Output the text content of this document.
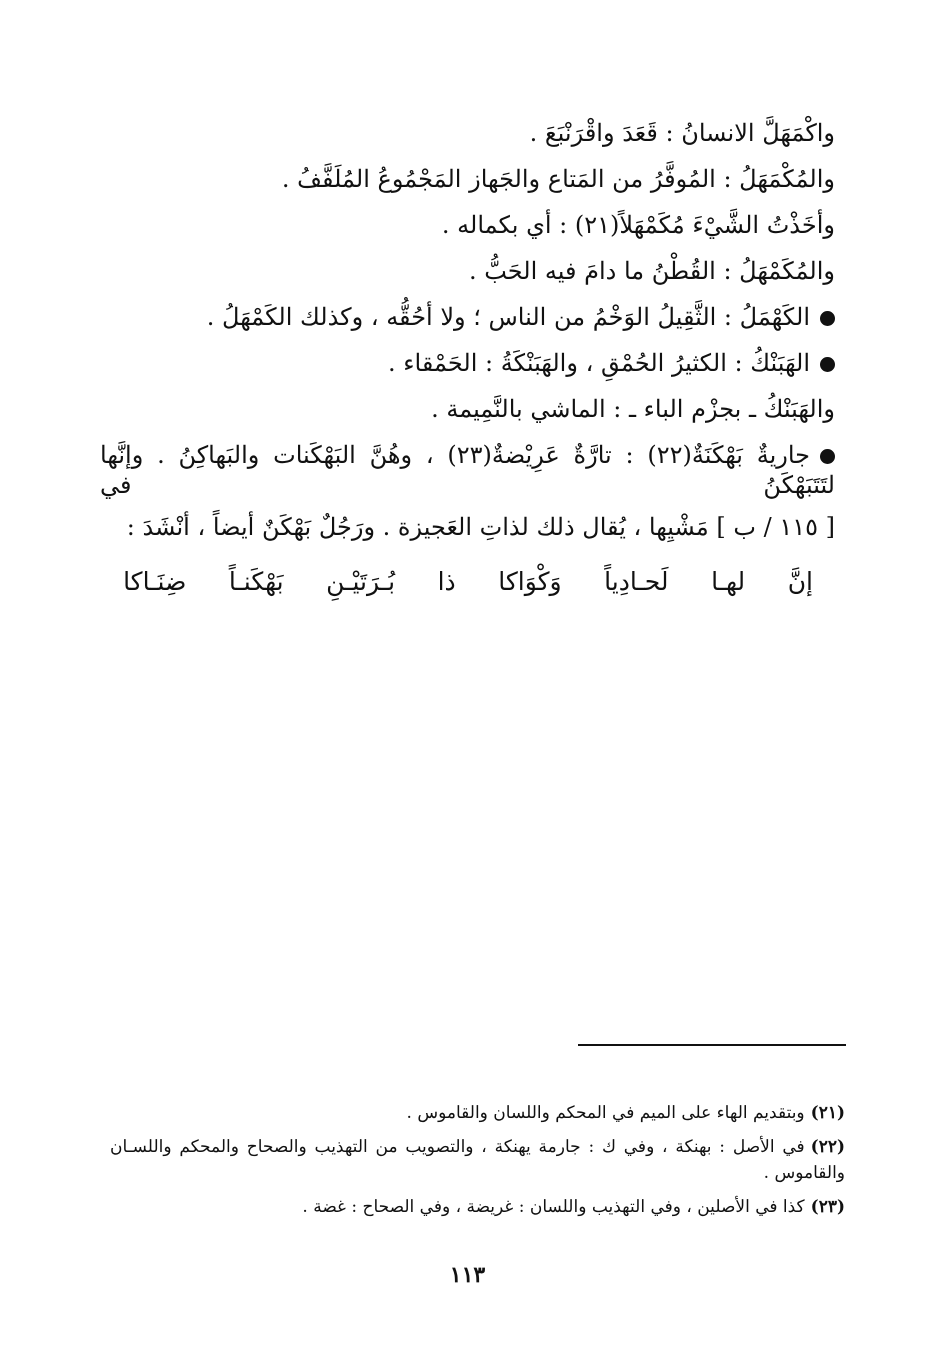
واكْمَهَلَّ الانسانُ : قَعَدَ واقْرَنْبَعَ .

والمُكْمَهَلُ : المُوفَّرُ من المَتاع والجَهاز المَجْمُوعُ المُلَفَّفُ .

وأخَذْتُ الشَّيْءَ مُكَمْهَلاً(٢١) : أي بكماله .

والمُكَمْهَلُ : القُطْنُ ما دامَ فيه الحَبُّ .

الكَهْمَلُ : الثَّقِيلُ الوَخْمُ من الناس ؛ ولا أحُقُّه ، وكذلك الكَمْهَلُ .

الهَبَنْكُ : الكثيرُ الحُمْقِ ، والهَبَنْكَةُ : الحَمْقاء .

والهَبَنْكُ ـ بجزْم الباء ـ : الماشي بالنَّمِيمة .

جاريةٌ بَهْكَنَةٌ(٢٢) : تارَّةٌ عَرِيْضةٌ(٢٣) ، وهُنَّ البَهْكَنات والبَهاكِنُ . وإنَّها لتَتَبَهْكَنُ في

[ ١١٥ / ب ] مَشْيِها ، يُقال ذلك لذاتِ العَجيزة . ورَجُلٌ بَهْكَنٌ أيضاً ، أنْشَدَ :

إنَّ
لهـا
لَحـادِياً
وَكْوَاكا
ذا
بُـرَتَيْـنِ
بَهْكَنـاً
ضِنَـاكا

(٢١)وبتقديم الهاء على الميم في المحكم واللسان والقاموس .

(٢٢)في الأصل : بهنكة ، وفي ك : جارمة يهنكة ، والتصويب من التهذيب والصحاح والمحكم واللسـان والقاموس .

(٢٣)كذا في الأصلين ، وفي التهذيب واللسان : غريضة ، وفي الصحاح : غضة .

١١٣
